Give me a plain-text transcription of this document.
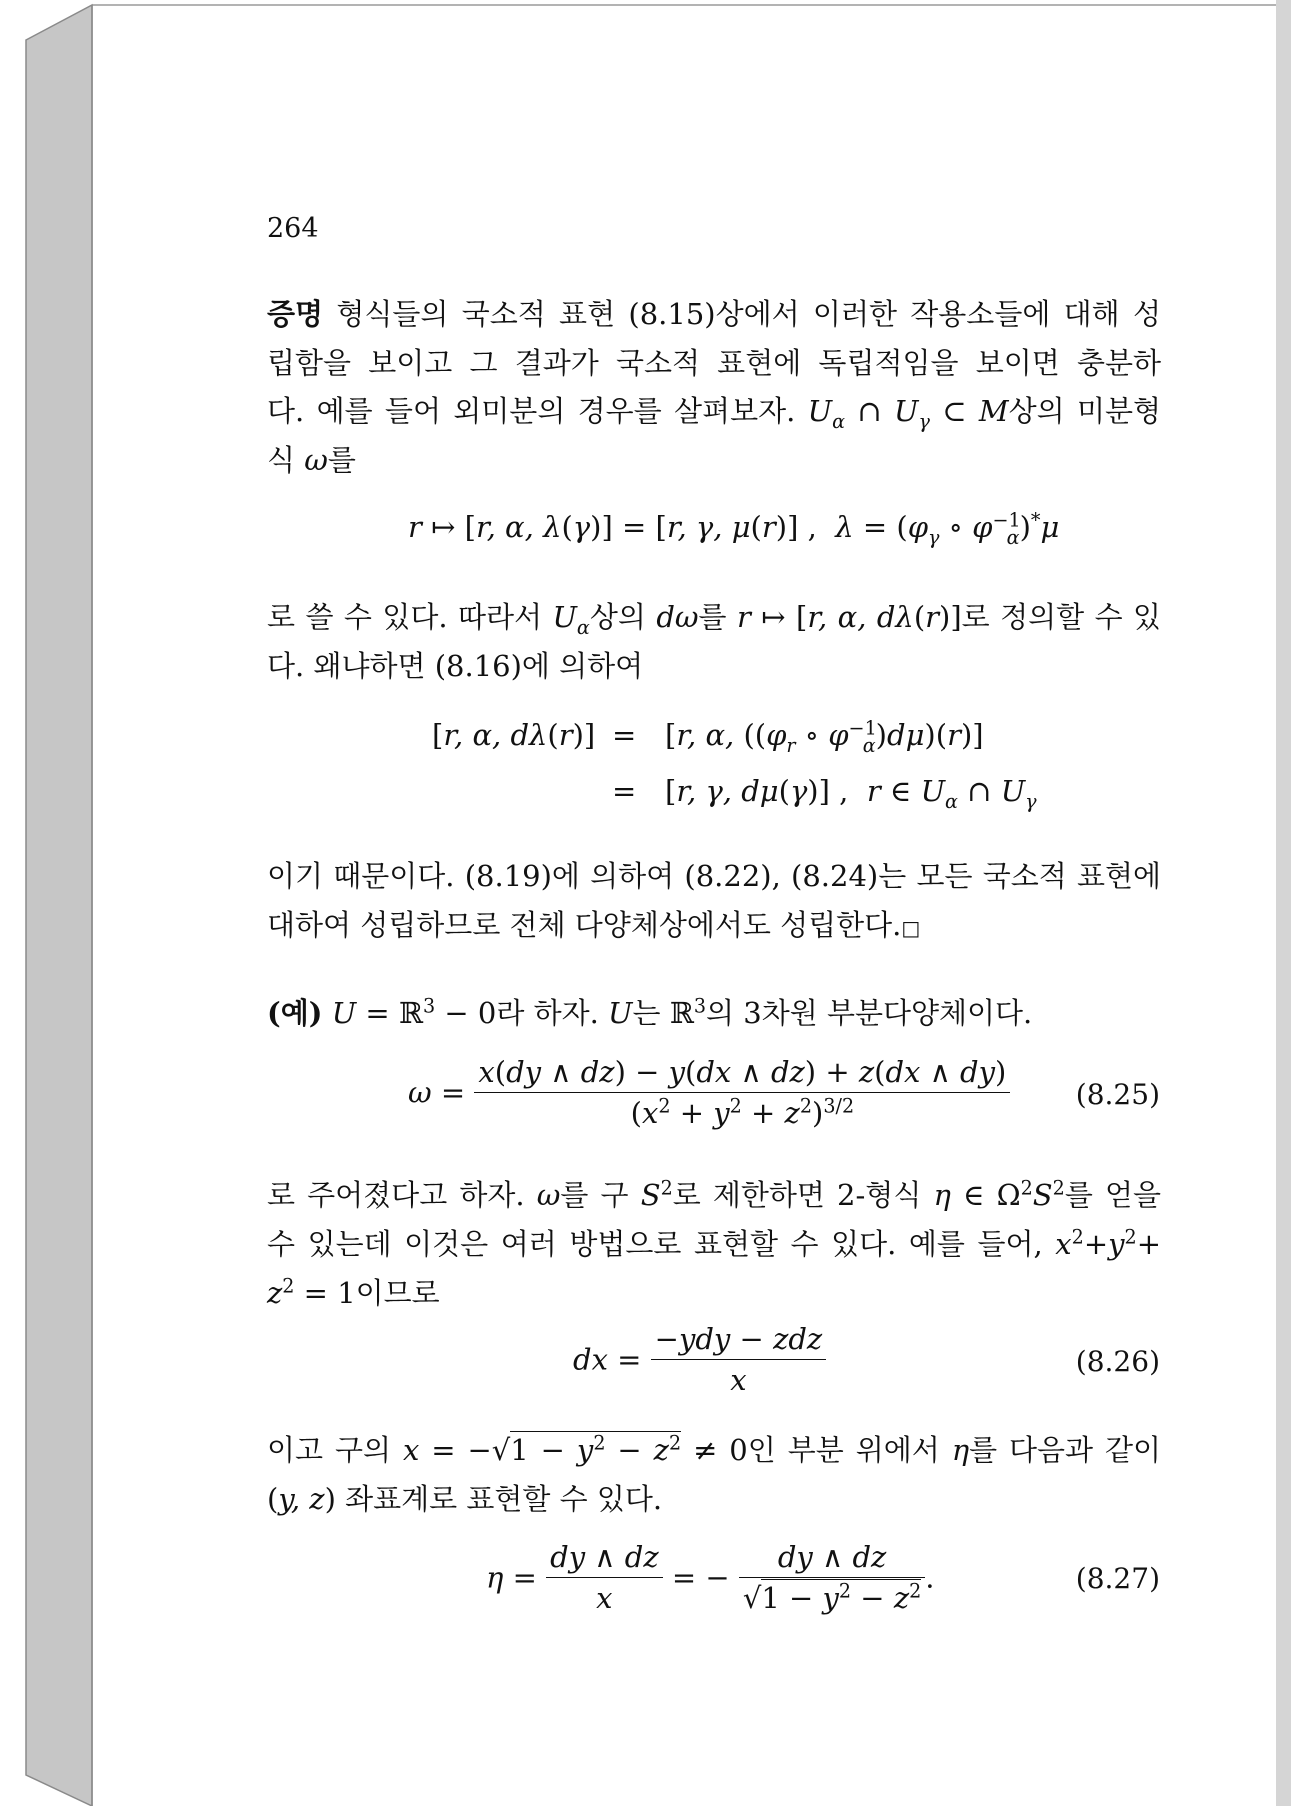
264
증명 형식들의 국소적 표현 (8.15)상에서 이러한 작용소들에 대해 성
립함을 보이고 그 결과가 국소적 표현에 독립적임을 보이면 충분하
다. 예를 들어 외미분의 경우를 살펴보자. $U_\alpha$ ∩ $U_\gamma$ ⊂ M상의 미분형
식 ω를
r ↦ [r, α, λ(γ)] = [r, γ, μ(r)] ,  $\lambda = (\varphi_\gamma$ ∘ $\varphi^{-1}_\alpha)^*\mu$
로 쓸 수 있다. 따라서 $U_\alpha$상의 dω를 r ↦ [r, α, dλ(r)]로 정의할 수 있
다. 왜냐하면 (8.16)에 의하여
[r, α, dλ(r)] = [r, α, (($\varphi_r$ ∘ $\varphi^{-1}_\alpha)d\mu)(r)$]
= [r, γ, dμ(γ)] ,  r ∈ $U_\alpha$ ∩ $U_\gamma$
이기 때문이다. (8.19)에 의하여 (8.22), (8.24)는 모든 국소적 표현에
대하여 성립하므로 전체 다양체상에서도 성립한다.□
(예) U = ℝ$^3$ − 0라 하자. U는 ℝ$^3$의 3차원 부분다양체이다.
$\omega = \frac{x(dy \wedge dz) - y(dx \wedge dz) + z(dx \wedge dy)}{(x^2 + y^2 + z^2)^{3/2}} (8.25)$
로 주어졌다고 하자. ω를 구 $S^2$로 제한하면 2-형식 η ∈ $\Omega^2S^2$를 얻을
수 있는데 이것은 여러 방법으로 표현할 수 있다. 예를 들어, $x^2+y^2+$
$z^2 = 1$이므로
dx = $\frac{\text{−ydy − zdz}}{x}$	(8.26)
이고 구의 $x = -√1 - y^2 - z^2 \ne 0$인 부분 위에서 η를 다음과 같이
(y, z) 좌표계로 표현할 수 있다.
$\eta = \frac{dy \wedge dz}{x}$ = − $\frac{dy \wedge dz}{√1 - y^2 - z^2}$ .	(8.27)
